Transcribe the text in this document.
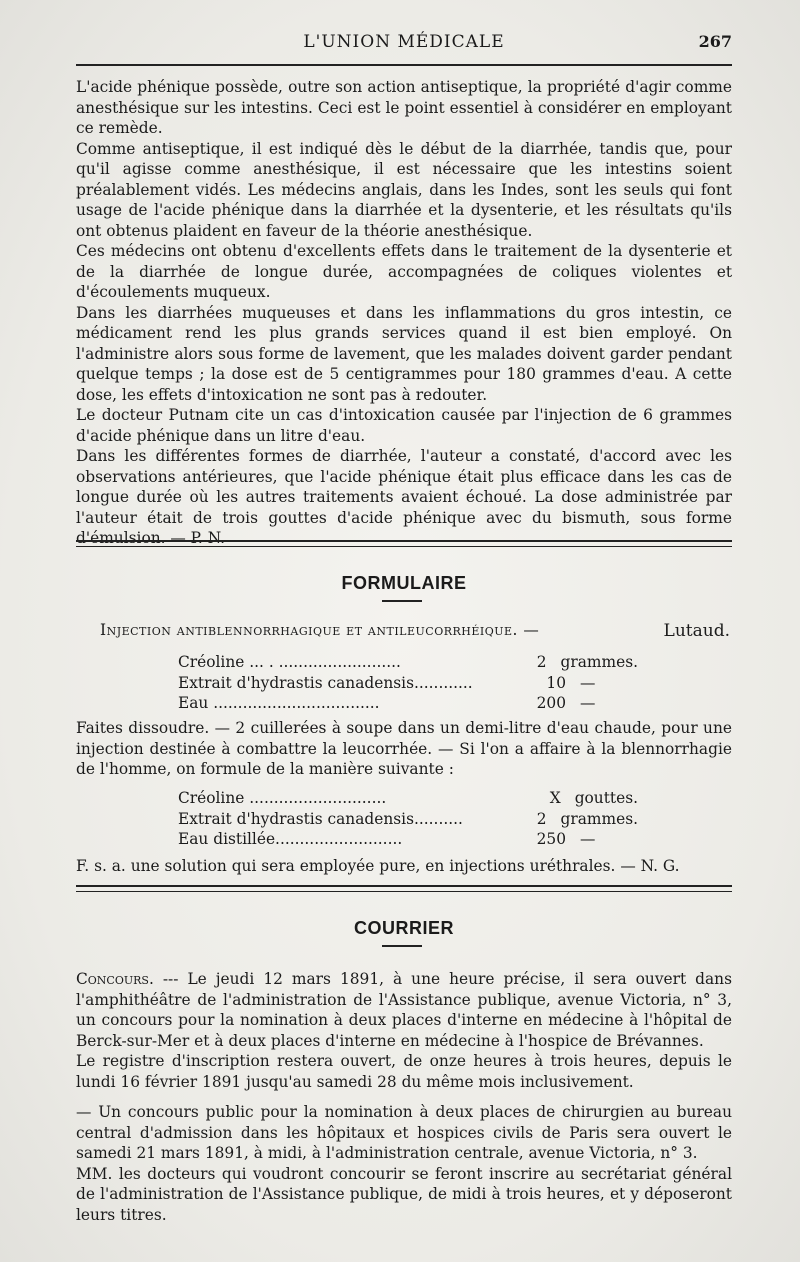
L'UNION MÉDICALE	267

L'acide phénique possède, outre son action antiseptique, la propriété d'agir comme anesthésique sur les intestins. Ceci est le point essentiel à considérer en employant ce remède.

Comme antiseptique, il est indiqué dès le début de la diarrhée, tandis que, pour qu'il agisse comme anesthésique, il est nécessaire que les intestins soient préalablement vidés. Les médecins anglais, dans les Indes, sont les seuls qui font usage de l'acide phénique dans la diarrhée et la dysenterie, et les résultats qu'ils ont obtenus plaident en faveur de la théorie anesthésique.

Ces médecins ont obtenu d'excellents effets dans le traitement de la dysenterie et de la diarrhée de longue durée, accompagnées de coliques violentes et d'écoulements muqueux.

Dans les diarrhées muqueuses et dans les inflammations du gros intestin, ce médicament rend les plus grands services quand il est bien employé. On l'administre alors sous forme de lavement, que les malades doivent garder pendant quelque temps ; la dose est de 5 centigrammes pour 180 grammes d'eau. A cette dose, les effets d'intoxication ne sont pas à redouter.

Le docteur Putnam cite un cas d'intoxication causée par l'injection de 6 grammes d'acide phénique dans un litre d'eau.

Dans les différentes formes de diarrhée, l'auteur a constaté, d'accord avec les observations antérieures, que l'acide phénique était plus efficace dans les cas de longue durée où les autres traitements avaient échoué. La dose administrée par l'auteur était de trois gouttes d'acide phénique avec du bismuth, sous forme d'émulsion. — P. N.

FORMULAIRE
Injection antiblennorrhagique et antileucorrhéique. —	Lutaud.
Créoline ... . .........................	2 grammes.
Extrait d'hydrastis canadensis............	10 —
Eau ..................................	200 —

Faites dissoudre. — 2 cuillerées à soupe dans un demi-litre d'eau chaude, pour une injection destinée à combattre la leucorrhée. — Si l'on a affaire à la blennorrhagie de l'homme, on formule de la manière suivante :

Créoline ............................	X gouttes.
Extrait d'hydrastis canadensis..........	2 grammes.
Eau distillée..........................	250 —

F. s. a. une solution qui sera employée pure, en injections uréthrales. — N. G.

COURRIER

Concours. --- Le jeudi 12 mars 1891, à une heure précise, il sera ouvert dans l'amphithéâtre de l'administration de l'Assistance publique, avenue Victoria, n° 3, un concours pour la nomination à deux places d'interne en médecine à l'hôpital de Berck-sur-Mer et à deux places d'interne en médecine à l'hospice de Brévannes.

Le registre d'inscription restera ouvert, de onze heures à trois heures, depuis le lundi 16 février 1891 jusqu'au samedi 28 du même mois inclusivement.

— Un concours public pour la nomination à deux places de chirurgien au bureau central d'admission dans les hôpitaux et hospices civils de Paris sera ouvert le samedi 21 mars 1891, à midi, à l'administration centrale, avenue Victoria, n° 3.

MM. les docteurs qui voudront concourir se feront inscrire au secrétariat général de l'administration de l'Assistance publique, de midi à trois heures, et y déposeront leurs titres.
